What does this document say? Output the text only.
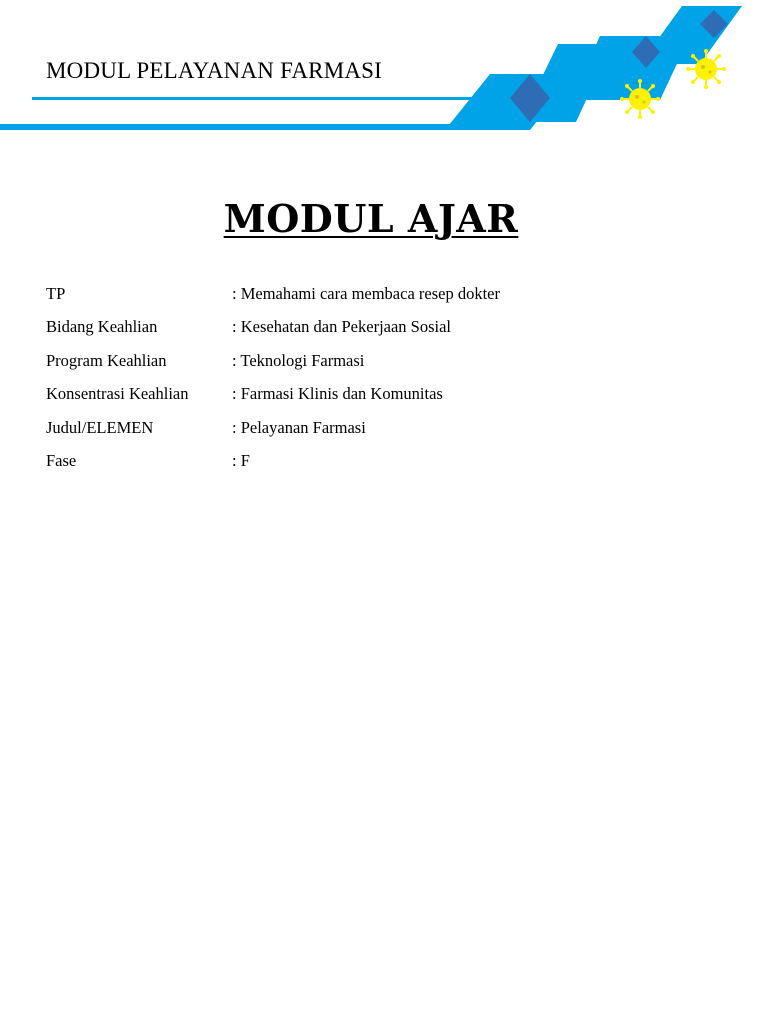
MODUL PELAYANAN FARMASI
MODUL AJAR
TP	: Memahami cara membaca resep dokter
Bidang Keahlian	: Kesehatan dan Pekerjaan Sosial
Program Keahlian	: Teknologi Farmasi
Konsentrasi Keahlian	: Farmasi Klinis dan Komunitas
Judul/ELEMEN	: Pelayanan Farmasi
Fase	: F
